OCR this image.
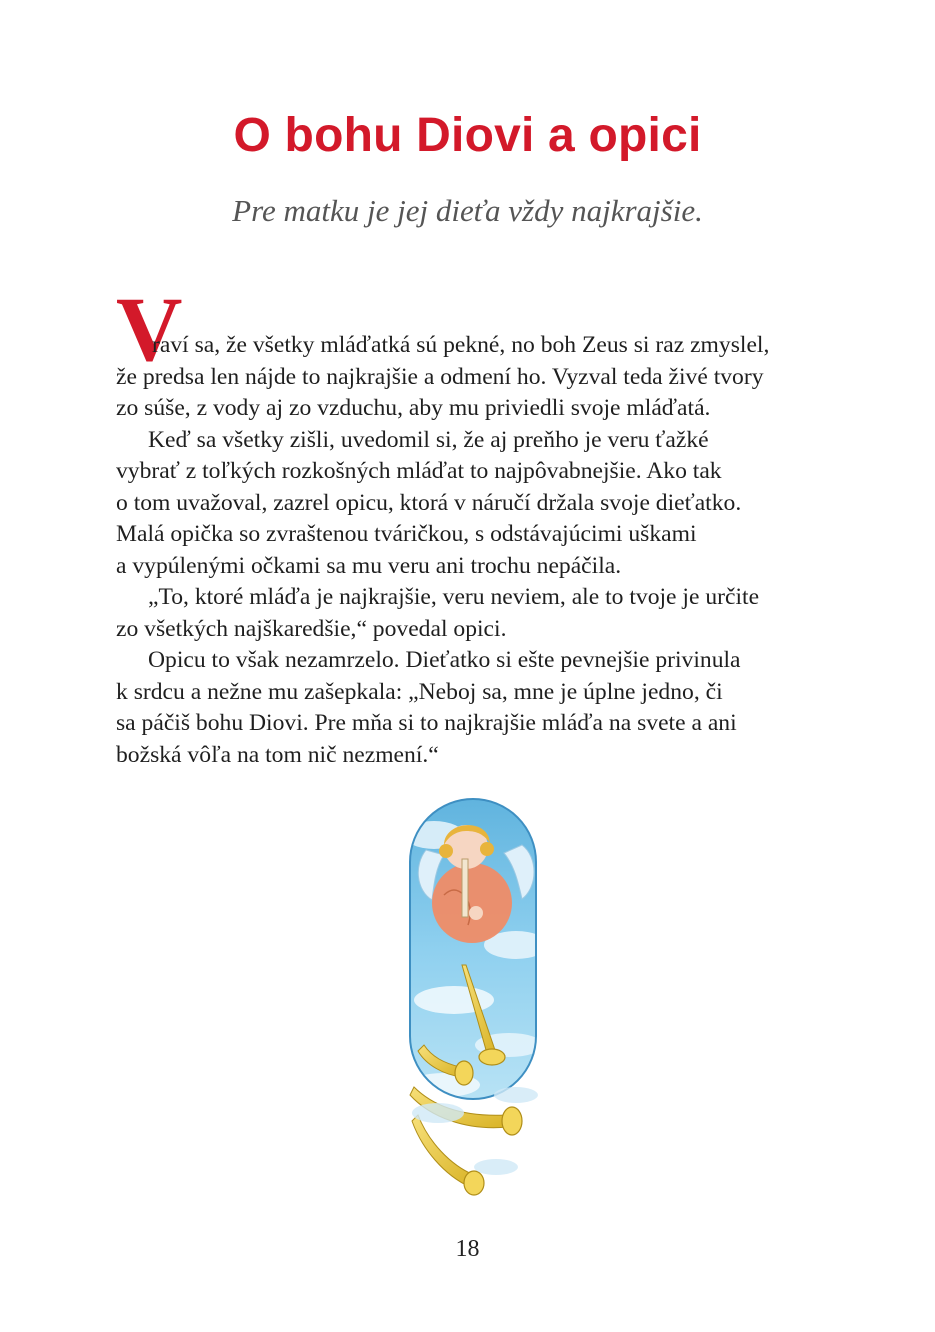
O bohu Diovi a opici

Pre matku je jej dieťa vždy najkrajšie.

V
raví sa, že všetky mláďatká sú pekné, no boh Zeus si raz zmyslel,
že predsa len nájde to najkrajšie a odmení ho. Vyzval teda živé tvory
zo súše, z vody aj zo vzduchu, aby mu priviedli svoje mláďatá.
Keď sa všetky zišli, uvedomil si, že aj preňho je veru ťažké
vybrať z toľkých rozkošných mláďat to najpôvabnejšie. Ako tak
o tom uvažoval, zazrel opicu, ktorá v náručí držala svoje dieťatko.
Malá opička so zvraštenou tváričkou, s odstávajúcimi uškami
a vypúlenými očkami sa mu veru ani trochu nepáčila.
„To, ktoré mláďa je najkrajšie, veru neviem, ale to tvoje je určite
zo všetkých najškaredšie,“ povedal opici.
Opicu to však nezamrzelo. Dieťatko si ešte pevnejšie privinula
k srdcu a nežne mu zašepkala: „Neboj sa, mne je úplne jedno, či
sa páčiš bohu Diovi. Pre mňa si to najkrajšie mláďa na svete a ani
božská vôľa na tom nič nezmení.“
18
